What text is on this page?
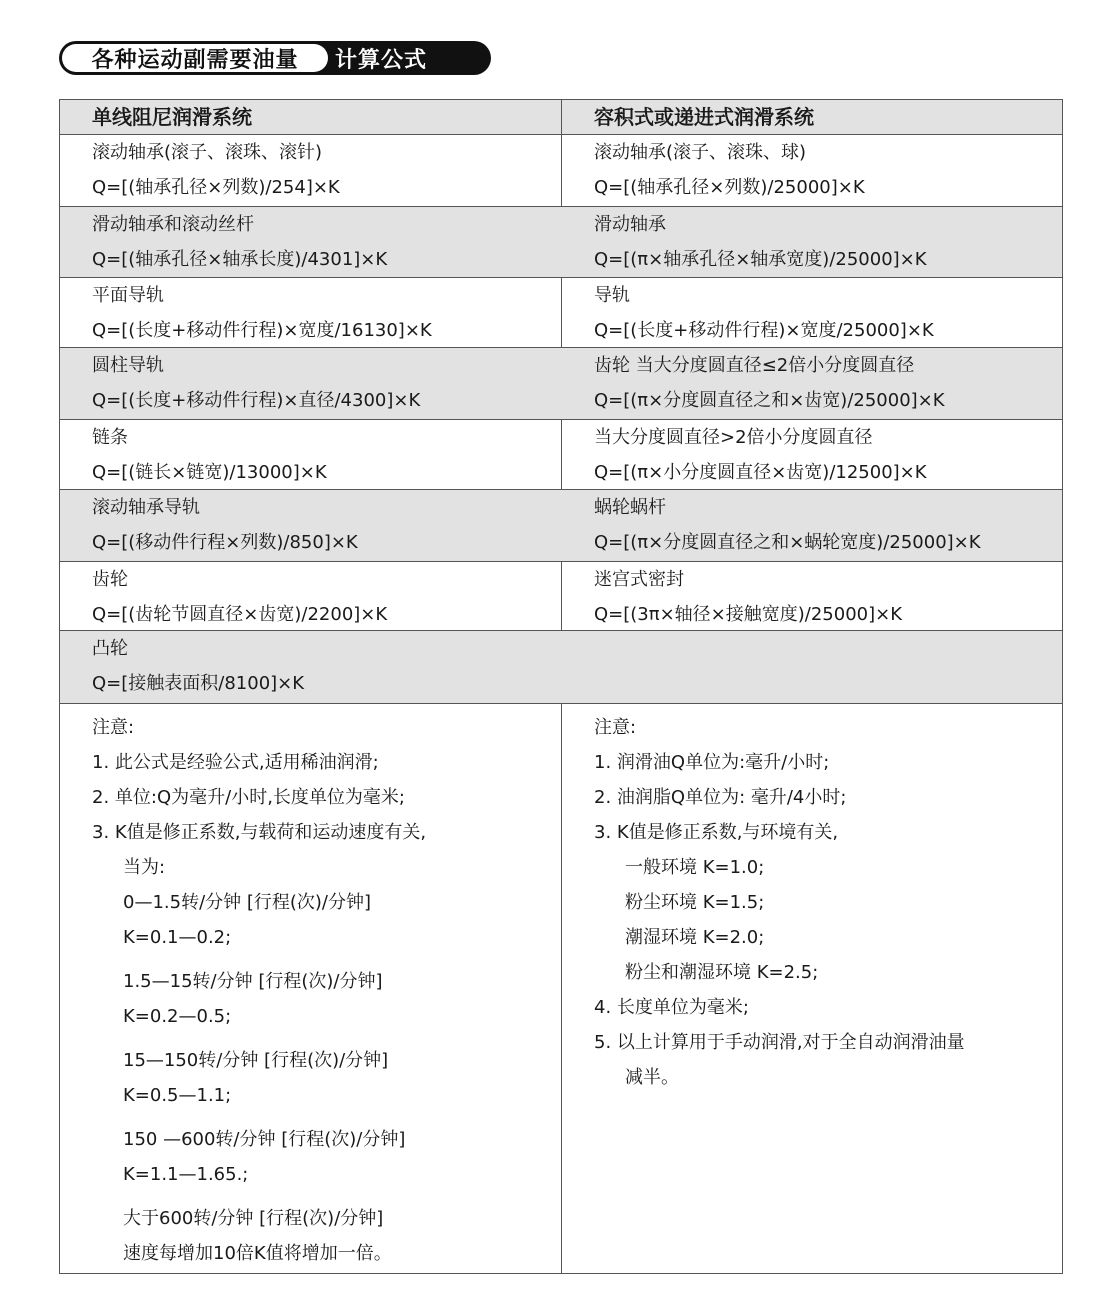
各种运动副需要油量	计算公式
单线阻尼润滑系统	容积式或递进式润滑系统
滚动轴承(滚子、滚珠、滚针)
Q=[(轴承孔径×列数)/254]×K
滚动轴承(滚子、滚珠、球)
Q=[(轴承孔径×列数)/25000]×K
滑动轴承和滚动丝杆
Q=[(轴承孔径×轴承长度)/4301]×K
滑动轴承
Q=[(π×轴承孔径×轴承宽度)/25000]×K
平面导轨
Q=[(长度+移动件行程)×宽度/16130]×K
导轨
Q=[(长度+移动件行程)×宽度/25000]×K
圆柱导轨
Q=[(长度+移动件行程)×直径/4300]×K
齿轮 当大分度圆直径≤2倍小分度圆直径
Q=[(π×分度圆直径之和×齿宽)/25000]×K
链条
Q=[(链长×链宽)/13000]×K
当大分度圆直径>2倍小分度圆直径
Q=[(π×小分度圆直径×齿宽)/12500]×K
滚动轴承导轨
Q=[(移动件行程×列数)/850]×K
蜗轮蜗杆
Q=[(π×分度圆直径之和×蜗轮宽度)/25000]×K
齿轮
Q=[(齿轮节圆直径×齿宽)/2200]×K
迷宫式密封
Q=[(3π×轴径×接触宽度)/25000]×K
凸轮
Q=[接触表面积/8100]×K
注意:
1. 此公式是经验公式,适用稀油润滑;
2. 单位:Q为毫升/小时,长度单位为毫米;
3. K值是修正系数,与载荷和运动速度有关,
当为:
0—1.5转/分钟 [行程(次)/分钟]
K=0.1—0.2;
1.5—15转/分钟 [行程(次)/分钟]
K=0.2—0.5;
15—150转/分钟 [行程(次)/分钟]
K=0.5—1.1;
150 —600转/分钟 [行程(次)/分钟]
K=1.1—1.65.;
大于600转/分钟 [行程(次)/分钟]
速度每增加10倍K值将增加一倍。
注意:
1. 润滑油Q单位为:毫升/小时;
2. 油润脂Q单位为: 毫升/4小时;
3. K值是修正系数,与环境有关,
一般环境 K=1.0;
粉尘环境 K=1.5;
潮湿环境 K=2.0;
粉尘和潮湿环境 K=2.5;
4. 长度单位为毫米;
5. 以上计算用于手动润滑,对于全自动润滑油量
减半。
